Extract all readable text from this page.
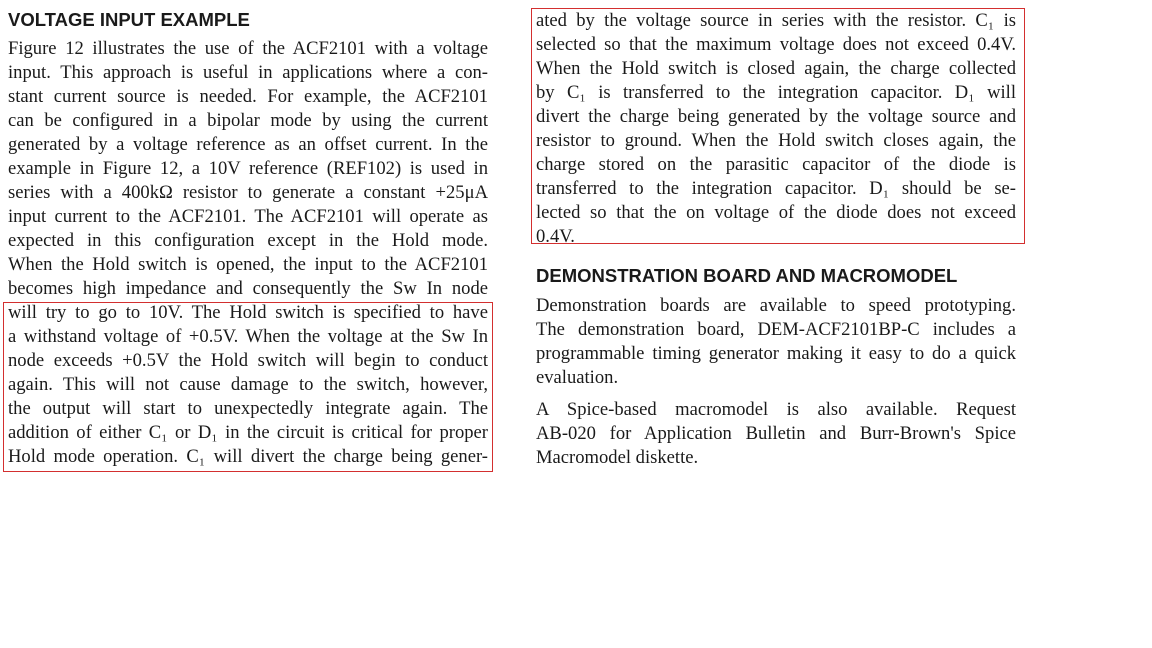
VOLTAGE INPUT EXAMPLE
Figure 12 illustrates the use of the ACF2101 with a voltage
input. This approach is useful in applications where a con-
stant current source is needed. For example, the ACF2101
can be configured in a bipolar mode by using the current
generated by a voltage reference as an offset current. In the
example in Figure 12, a 10V reference (REF102) is used in
series with a 400kΩ resistor to generate a constant +25μA
input current to the ACF2101. The ACF2101 will operate as
expected in this configuration except in the Hold mode.
When the Hold switch is opened, the input to the ACF2101
becomes high impedance and consequently the Sw In node
will try to go to 10V. The Hold switch is specified to have
a withstand voltage of +0.5V. When the voltage at the Sw In
node exceeds +0.5V the Hold switch will begin to conduct
again. This will not cause damage to the switch, however,
the output will start to unexpectedly integrate again. The
addition of either C₁ or D₁ in the circuit is critical for proper
Hold mode operation. C₁ will divert the charge being gener-
ated by the voltage source in series with the resistor. C₁ is
selected so that the maximum voltage does not exceed 0.4V.
When the Hold switch is closed again, the charge collected
by C₁ is transferred to the integration capacitor. D₁ will
divert the charge being generated by the voltage source and
resistor to ground. When the Hold switch closes again, the
charge stored on the parasitic capacitor of the diode is
transferred to the integration capacitor. D₁ should be se-
lected so that the on voltage of the diode does not exceed
0.4V.
DEMONSTRATION BOARD AND MACROMODEL
Demonstration boards are available to speed prototyping.
The demonstration board, DEM-ACF2101BP-C includes a
programmable timing generator making it easy to do a quick
evaluation.
A Spice-based macromodel is also available. Request
AB-020 for Application Bulletin and Burr-Brown's Spice
Macromodel diskette.
